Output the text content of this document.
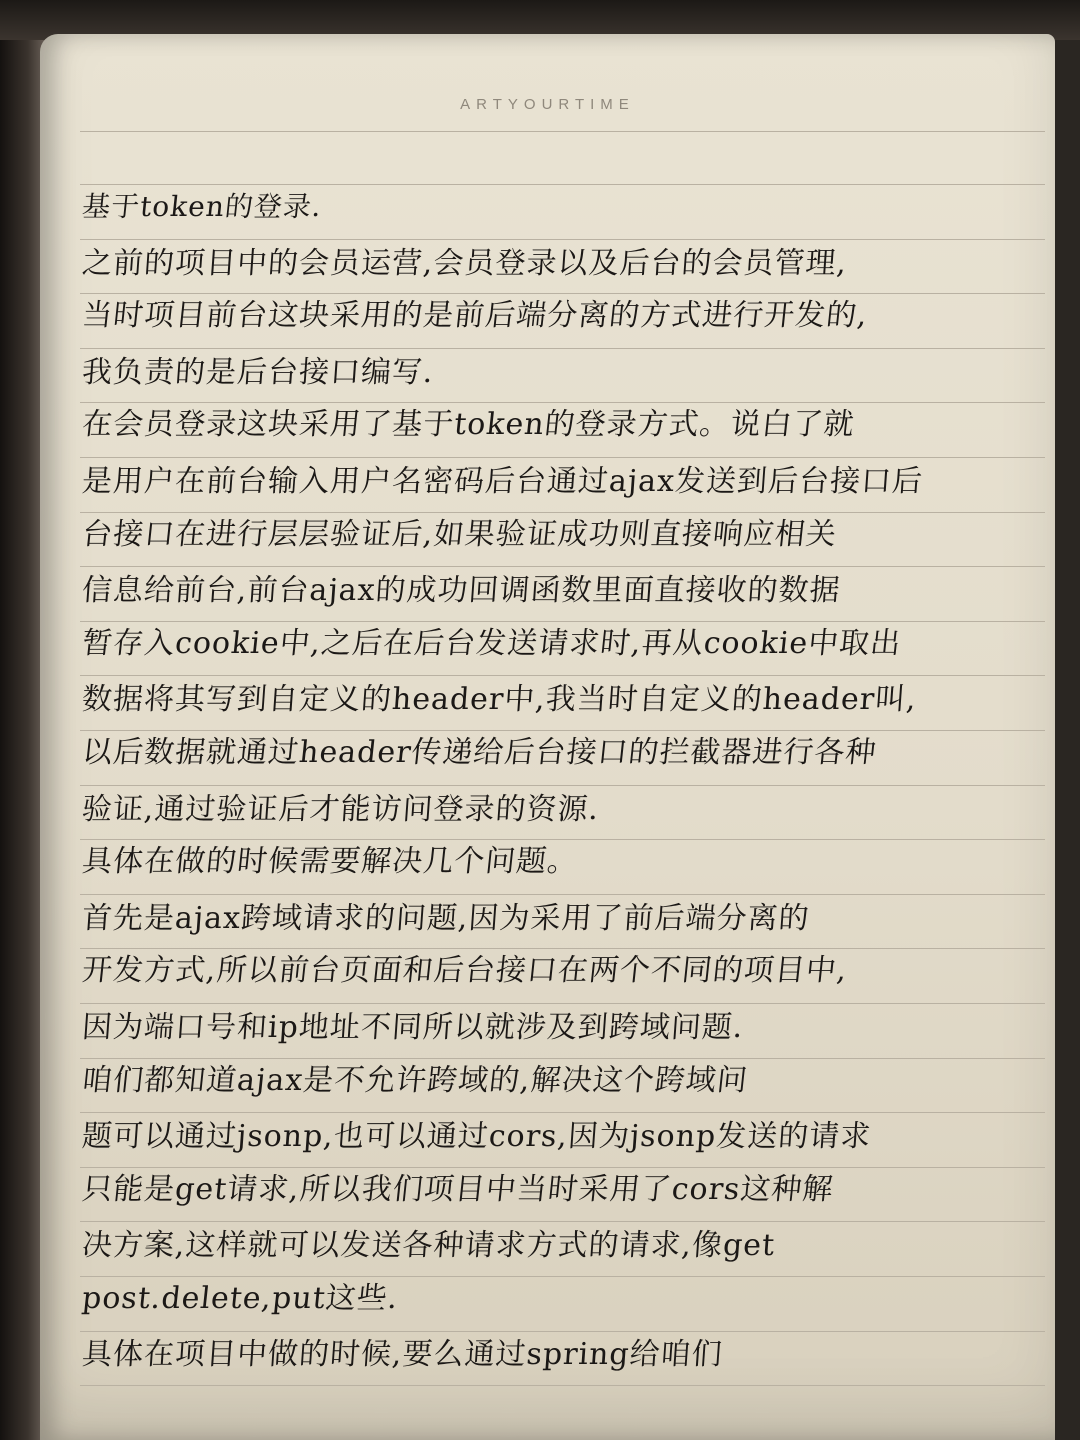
ARTYOURTIME
基于token的登录.
之前的项目中的会员运营,会员登录以及后台的会员管理,
当时项目前台这块采用的是前后端分离的方式进行开发的,
我负责的是后台接口编写.
在会员登录这块采用了基于token的登录方式。说白了就
是用户在前台输入用户名密码后台通过ajax发送到后台接口后
台接口在进行层层验证后,如果验证成功则直接响应相关
信息给前台,前台ajax的成功回调函数里面直接收的数据
暂存入cookie中,之后在后台发送请求时,再从cookie中取出
数据将其写到自定义的header中,我当时自定义的header叫,
以后数据就通过header传递给后台接口的拦截器进行各种
验证,通过验证后才能访问登录的资源.
具体在做的时候需要解决几个问题。
首先是ajax跨域请求的问题,因为采用了前后端分离的
开发方式,所以前台页面和后台接口在两个不同的项目中,
因为端口号和ip地址不同所以就涉及到跨域问题.
咱们都知道ajax是不允许跨域的,解决这个跨域问
题可以通过jsonp,也可以通过cors,因为jsonp发送的请求
只能是get请求,所以我们项目中当时采用了cors这种解
决方案,这样就可以发送各种请求方式的请求,像get
post.delete,put这些.
具体在项目中做的时候,要么通过spring给咱们
